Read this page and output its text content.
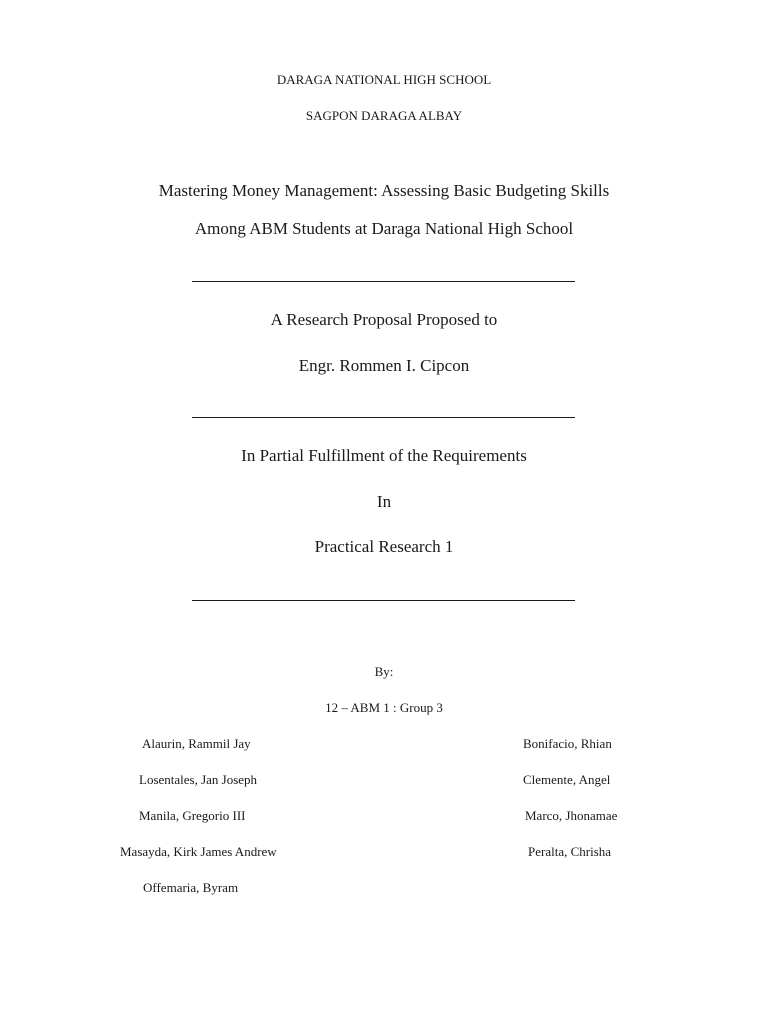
DARAGA NATIONAL HIGH SCHOOL
SAGPON DARAGA ALBAY
Mastering Money Management: Assessing Basic Budgeting Skills
Among ABM Students at Daraga National High School
A Research Proposal Proposed to
Engr. Rommen I. Cipcon
In Partial Fulfillment of the Requirements
In
Practical Research 1
By:
12 – ABM 1 : Group 3
Alaurin, Rammil Jay
Losentales, Jan Joseph
Manila, Gregorio III
Masayda, Kirk James Andrew
Offemaria, Byram
Bonifacio, Rhian
Clemente, Angel
Marco, Jhonamae
Peralta, Chrisha
